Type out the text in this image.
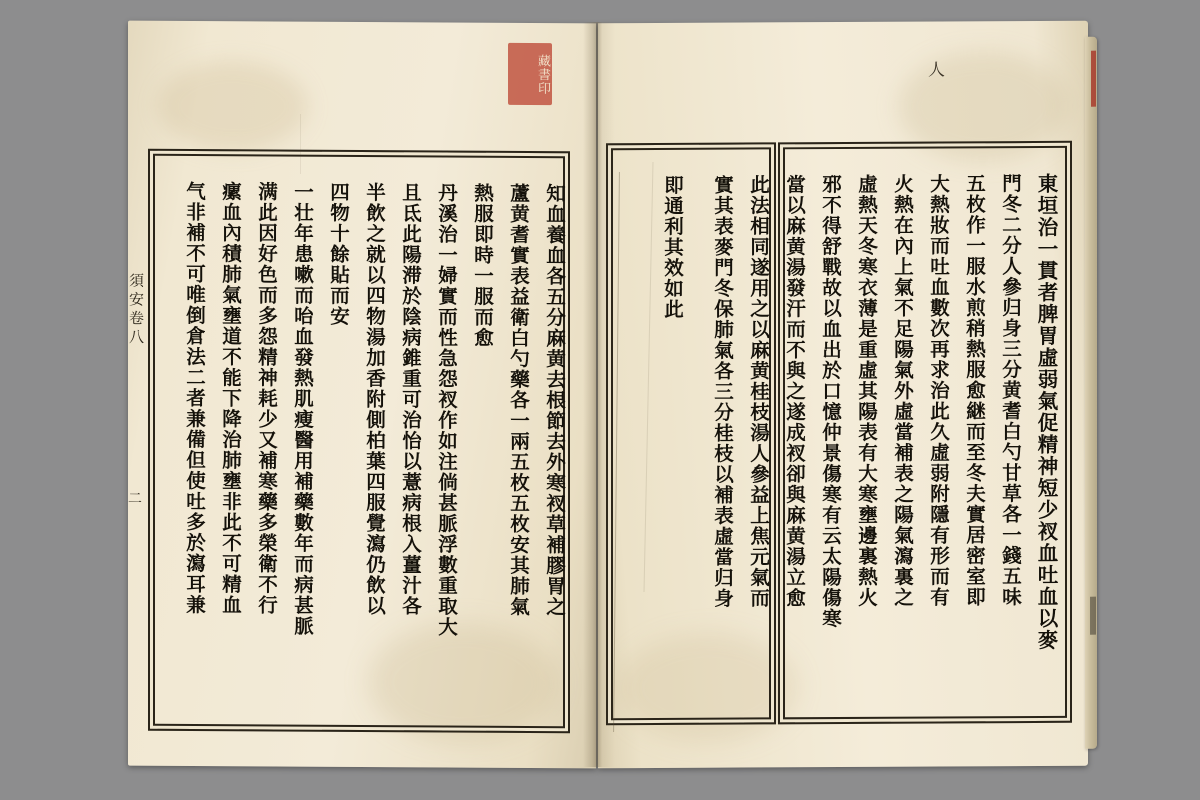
藏書印
須安卷八
二	知血養血各五分麻黄去根節去外寒衩草補膠胃之
蘆黄耆實表益衛白勺藥各一兩五枚五枚安其肺氣
熱服即時一服而愈
丹溪治一婦實而性急怨衩作如注倘甚脈浮數重取大
且氐此陽滞於陰病錐重可治怡以薏病根入薑汁各
半飲之就以四物湯加香附側柏葉四服覺瀉仍飲以
四物十餘貼而安
一壮年患嗽而咍血發熱肌瘦醫用補藥數年而病甚脈
满此因好色而多怨精神耗少又補寒藥多榮衛不行
瘰血內積肺氣壅道不能下降治肺壅非此不可精血
气非補不可唯倒倉法二者兼備但使吐多於瀉耳兼
人
東垣治一貫者脾胃虛弱氣促精神短少衩血吐血以麥
門冬二分人參归身三分黄耆白勺甘草各一錢五味
五枚作一服水煎稍熱服愈継而至冬夫實居密室即
大熱妝而吐血數次再求治此久虛弱附隱有形而有
火熱在內上氣不足陽氣外虛當補表之陽氣瀉裏之
虛熱天冬寒衣薄是重虛其陽表有大寒壅邊裏熱火
邪不得舒戰故以血出於口憶仲景傷寒有云太陽傷寒
當以麻黄湯發汗而不與之遂成衩卻與麻黄湯立愈
此法相同遂用之以麻黄桂枝湯人參益上焦元氣而
實其表麥門冬保肺氣各三分桂枝以補表虛當归身
即通利其效如此
